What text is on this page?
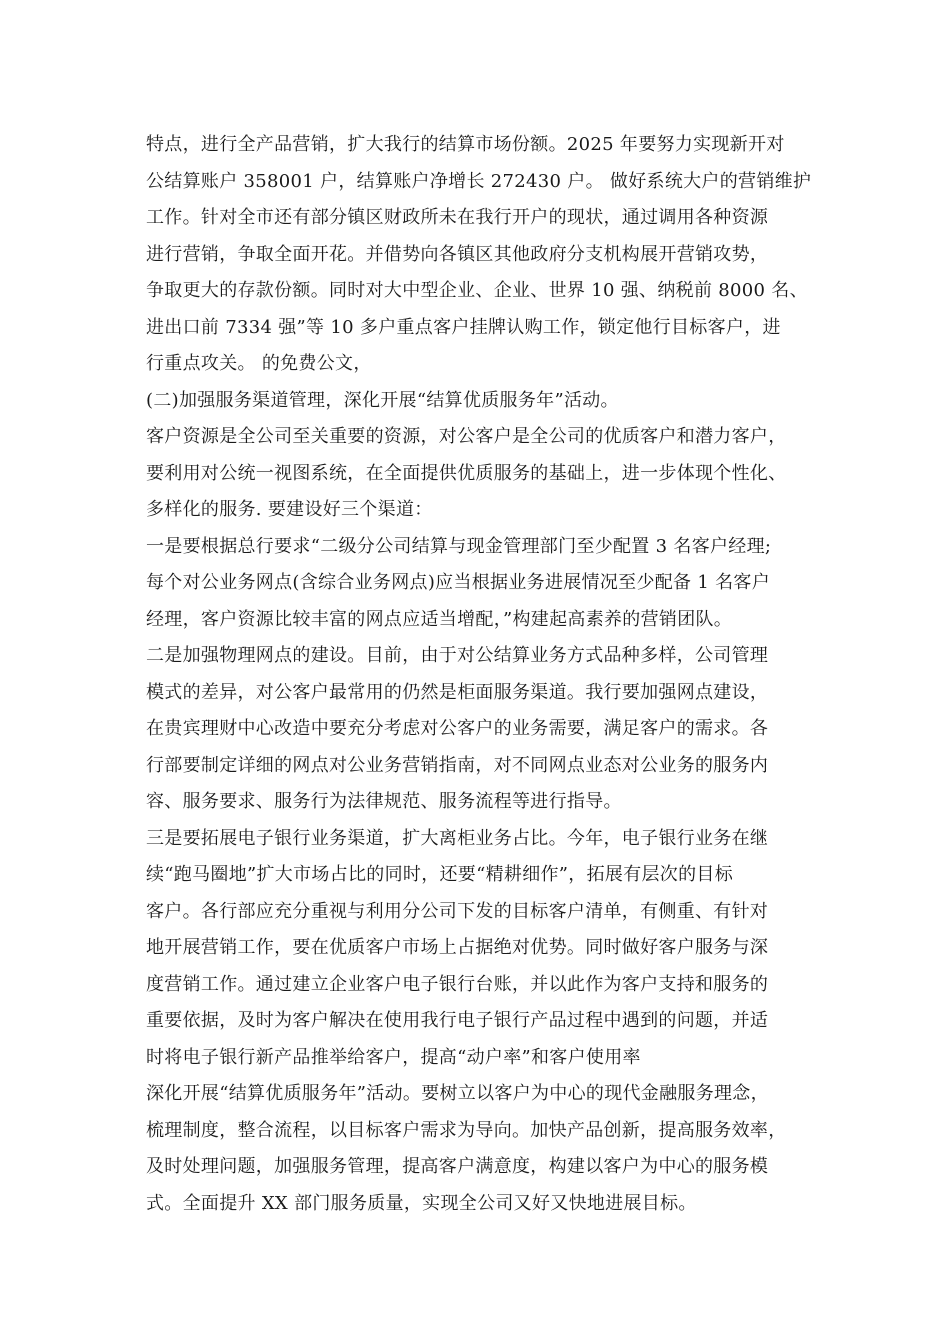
特点，进行全产品营销，扩大我行的结算市场份额。2025 年要努力实现新开对
公结算账户 358001 户，结算账户净增长 272430 户。 做好系统大户的营销维护
工作。针对全市还有部分镇区财政所未在我行开户的现状，通过调用各种资源
进行营销，争取全面开花。并借势向各镇区其他政府分支机构展开营销攻势，
争取更大的存款份额。同时对大中型企业、企业、世界 10 强、纳税前 8000 名、
进出口前 7334 强”等 10 多户重点客户挂牌认购工作，锁定他行目标客户，进
行重点攻关。 的免费公文，
(二)加强服务渠道管理，深化开展“结算优质服务年”活动。
客户资源是全公司至关重要的资源，对公客户是全公司的优质客户和潜力客户，
要利用对公统一视图系统，在全面提供优质服务的基础上，进一步体现个性化、
多样化的服务. 要建设好三个渠道：
一是要根据总行要求“二级分公司结算与现金管理部门至少配置 3 名客户经理;
每个对公业务网点(含综合业务网点)应当根据业务进展情况至少配备 1 名客户
经理，客户资源比较丰富的网点应适当增配，”构建起高素养的营销团队。
二是加强物理网点的建设。目前，由于对公结算业务方式品种多样，公司管理
模式的差异，对公客户最常用的仍然是柜面服务渠道。我行要加强网点建设，
在贵宾理财中心改造中要充分考虑对公客户的业务需要，满足客户的需求。各
行部要制定详细的网点对公业务营销指南，对不同网点业态对公业务的服务内
容、服务要求、服务行为法律规范、服务流程等进行指导。
三是要拓展电子银行业务渠道，扩大离柜业务占比。今年，电子银行业务在继
续“跑马圈地”扩大市场占比的同时，还要“精耕细作”，拓展有层次的目标
客户。各行部应充分重视与利用分公司下发的目标客户清单，有侧重、有针对
地开展营销工作，要在优质客户市场上占据绝对优势。同时做好客户服务与深
度营销工作。通过建立企业客户电子银行台账，并以此作为客户支持和服务的
重要依据，及时为客户解决在使用我行电子银行产品过程中遇到的问题，并适
时将电子银行新产品推举给客户，提高“动户率”和客户使用率
深化开展“结算优质服务年”活动。要树立以客户为中心的现代金融服务理念，
梳理制度，整合流程，以目标客户需求为导向。加快产品创新，提高服务效率，
及时处理问题，加强服务管理，提高客户满意度，构建以客户为中心的服务模
式。全面提升 XX 部门服务质量，实现全公司又好又快地进展目标。
